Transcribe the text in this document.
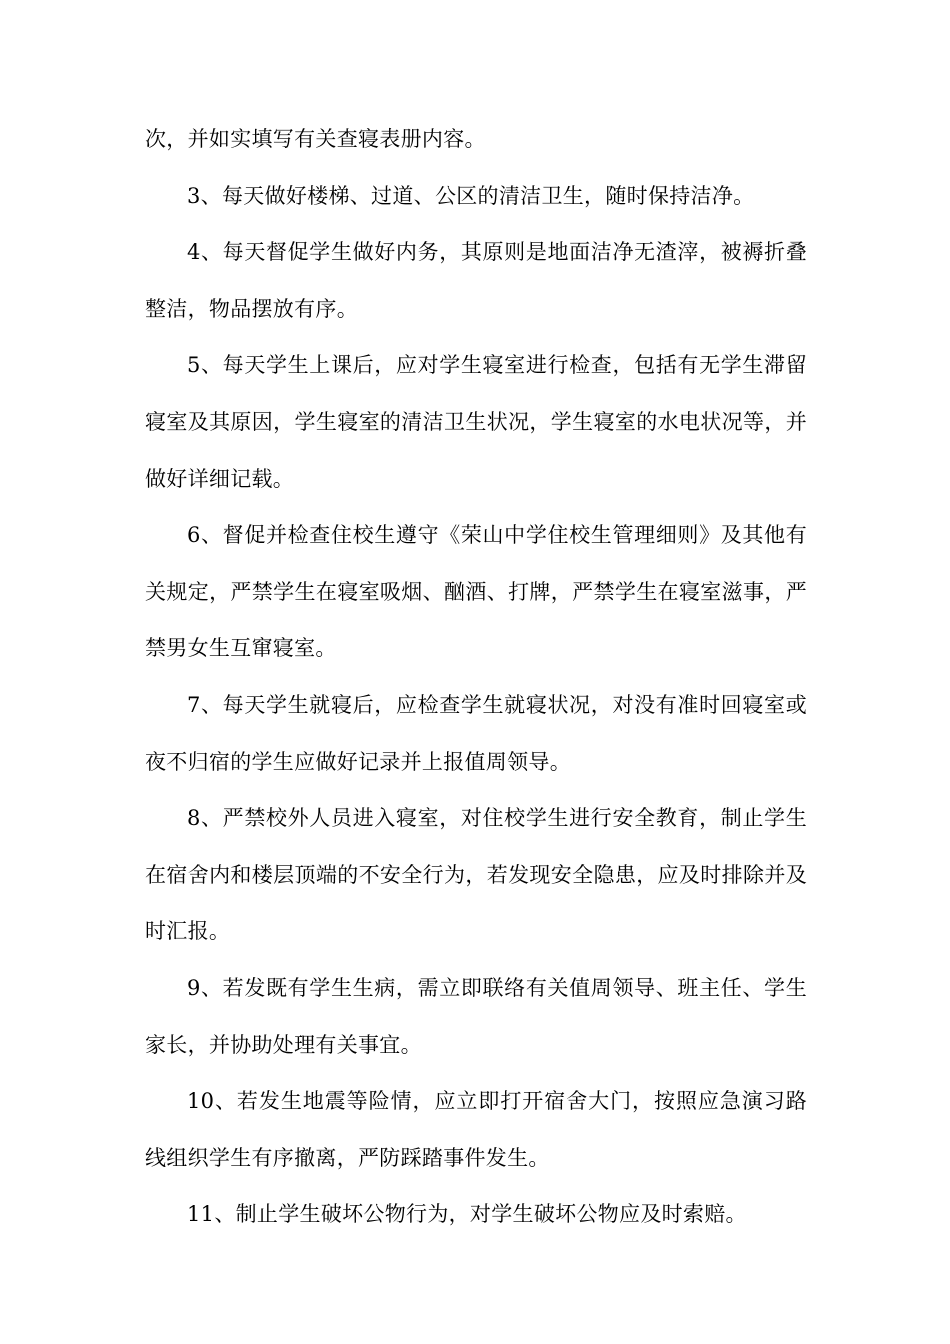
次，并如实填写有关查寝表册内容。

3、每天做好楼梯、过道、公区的清洁卫生，随时保持洁净。

4、每天督促学生做好内务，其原则是地面洁净无渣滓，被褥折叠整洁，物品摆放有序。

5、每天学生上课后，应对学生寝室进行检查，包括有无学生滞留寝室及其原因，学生寝室的清洁卫生状况，学生寝室的水电状况等，并做好详细记载。

6、督促并检查住校生遵守《荣山中学住校生管理细则》及其他有关规定，严禁学生在寝室吸烟、酗酒、打牌，严禁学生在寝室滋事，严禁男女生互窜寝室。

7、每天学生就寝后，应检查学生就寝状况，对没有准时回寝室或夜不归宿的学生应做好记录并上报值周领导。

8、严禁校外人员进入寝室，对住校学生进行安全教育，制止学生在宿舍内和楼层顶端的不安全行为，若发现安全隐患，应及时排除并及时汇报。

9、若发既有学生生病，需立即联络有关值周领导、班主任、学生家长，并协助处理有关事宜。

10、若发生地震等险情，应立即打开宿舍大门，按照应急演习路线组织学生有序撤离，严防踩踏事件发生。

11、制止学生破坏公物行为，对学生破坏公物应及时索赔。
